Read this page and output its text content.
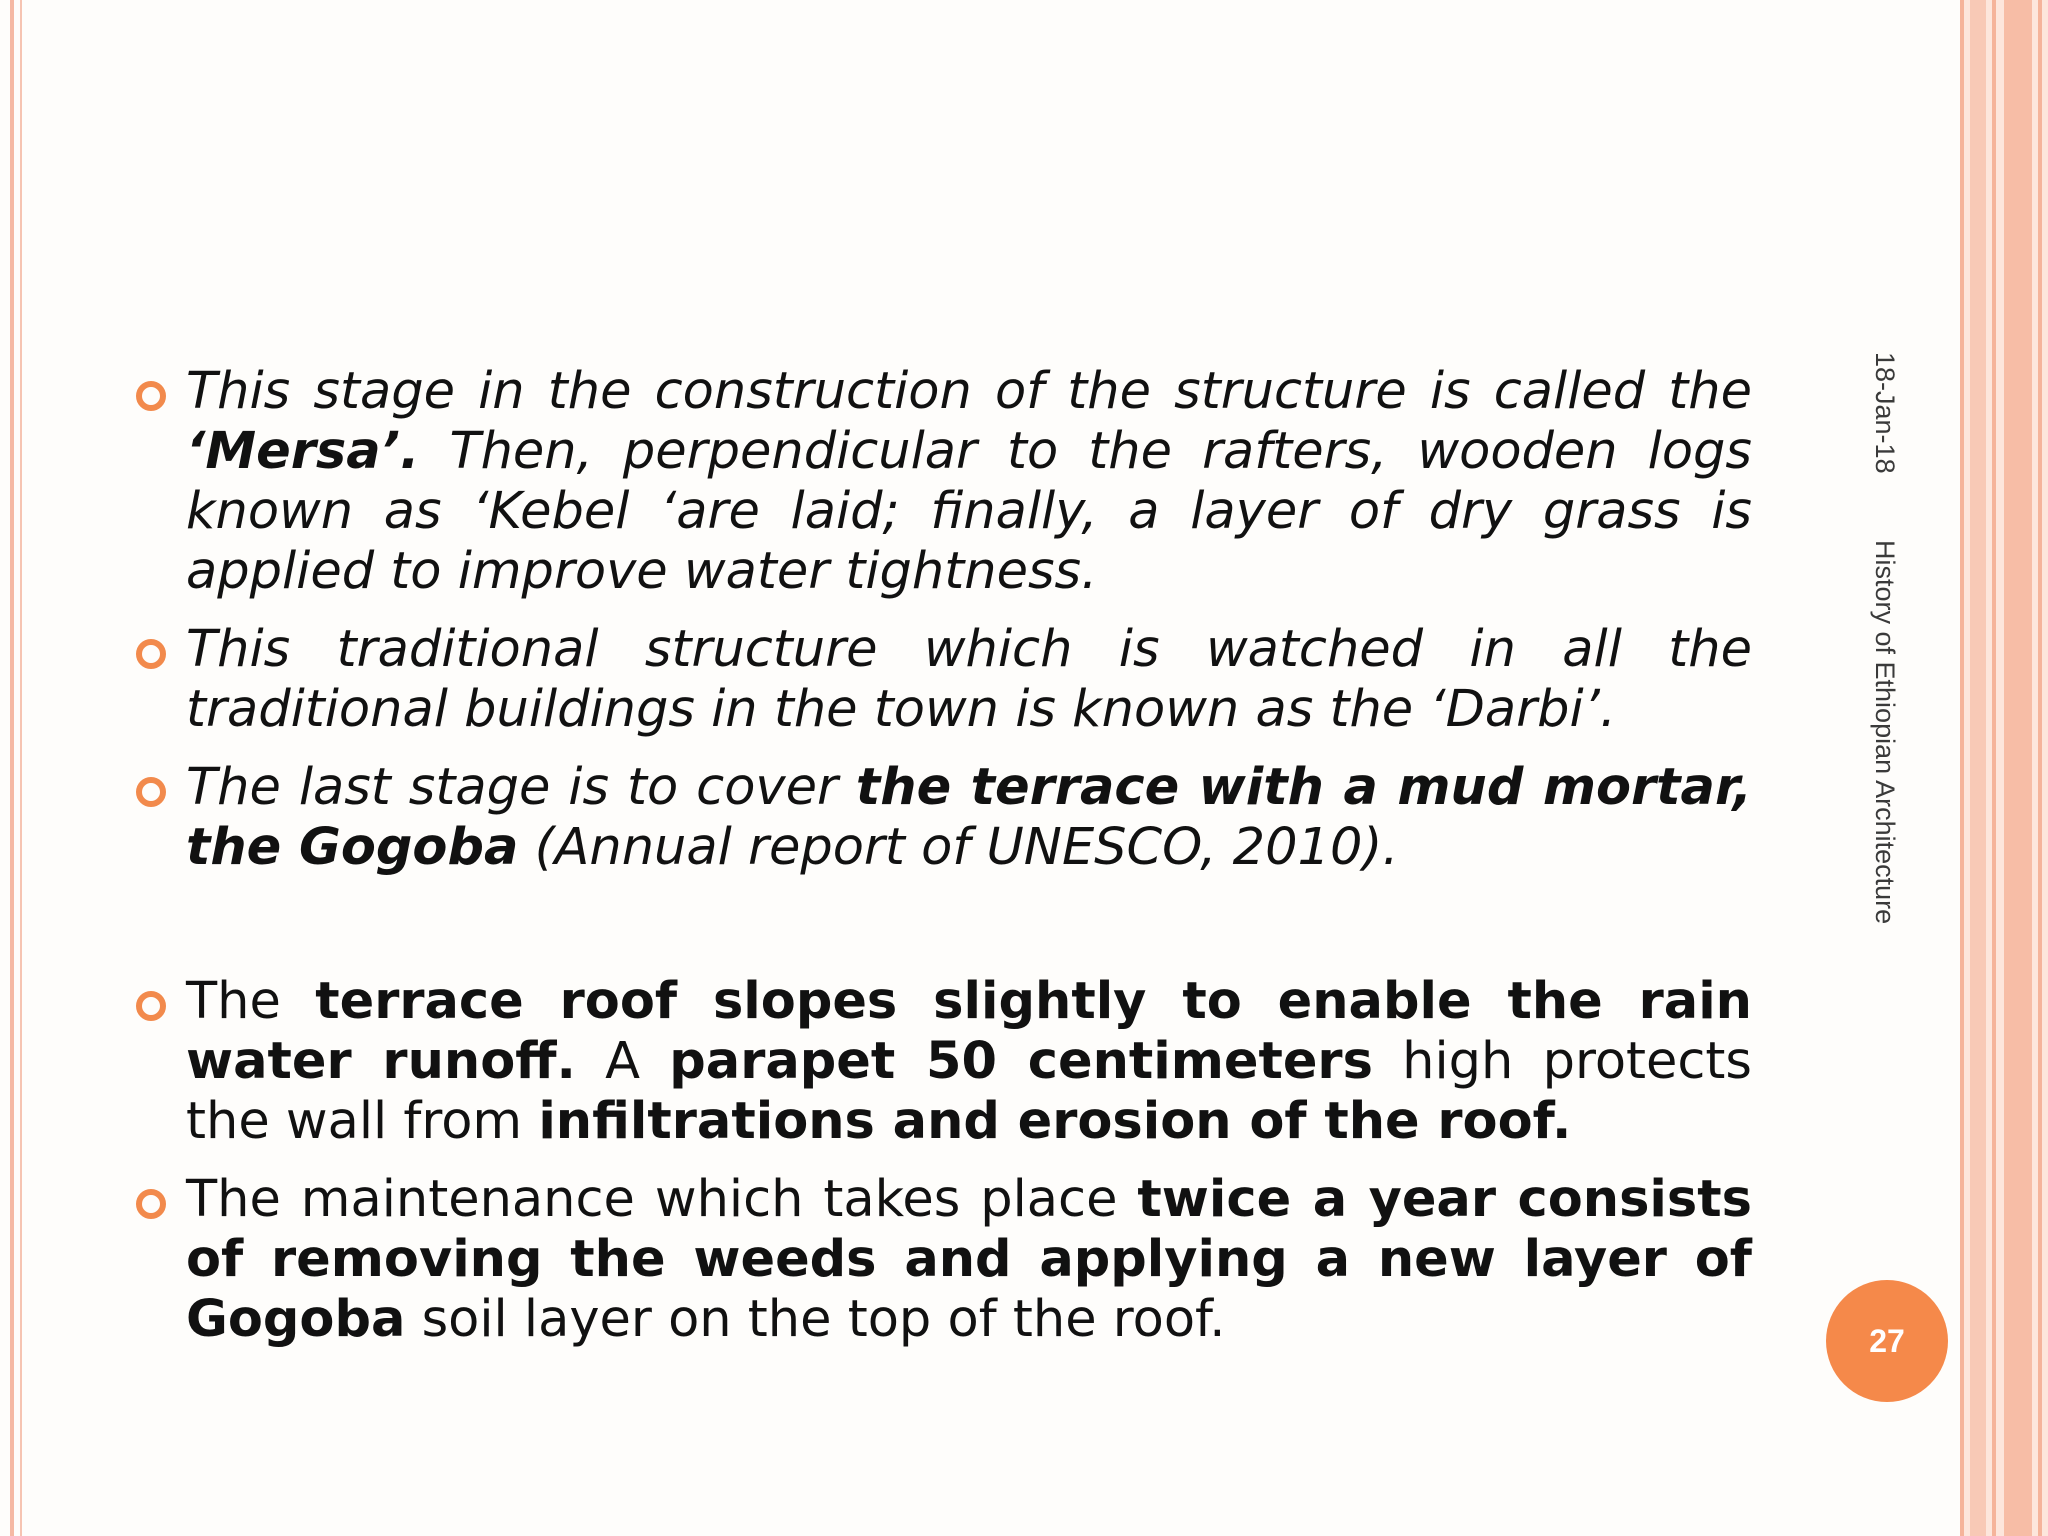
This stage in the construction of the structure is called the ‘Mersa’. Then, perpendicular to the rafters, wooden logs known as ‘Kebel ‘are laid; finally, a layer of dry grass is applied to improve water tightness.
This traditional structure which is watched in all the traditional buildings in the town is known as the ‘Darbi’.
The last stage is to cover the terrace with a mud mortar, the Gogoba (Annual report of UNESCO, 2010).
The terrace roof slopes slightly to enable the rain water runoff. A parapet 50 centimeters high protects the wall from infiltrations and erosion of the roof.
The maintenance which takes place twice a year consists of removing the weeds and applying a new layer of Gogoba soil layer on the top of the roof.
18-Jan-18
History of Ethiopian Architecture
27
